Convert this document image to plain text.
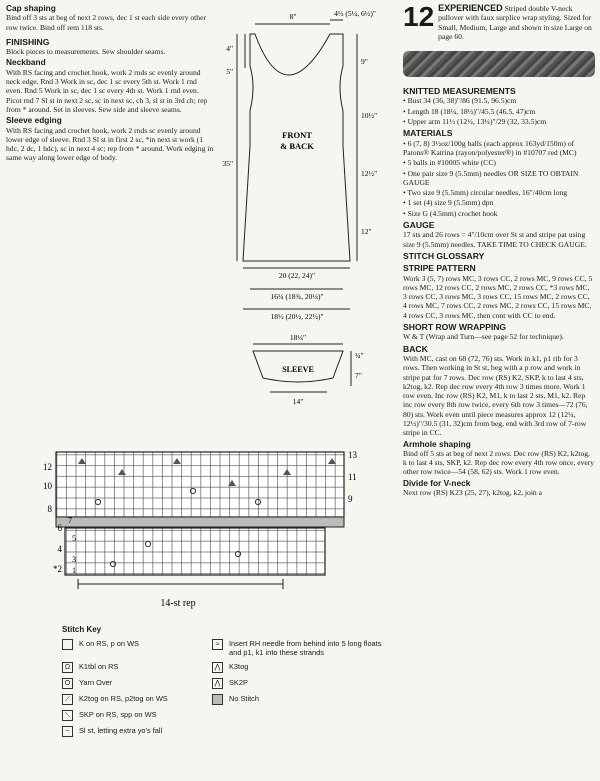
Cap shaping

Bind off 3 sts at beg of next 2 rows, dec 1 st each side every other row twice. Bind off rem 118 sts.

FINISHING

Block pieces to measurements. Sew shoulder seams.

Neckband

With RS facing and crochet hook, work 2 rnds sc evenly around neck edge. Rnd 3 Work in sc, dec 1 sc every 5th st. Work 1 rnd even. Rnd 5 Work in sc, dec 1 sc every 4th st. Work 1 rnd even. Picot rnd 7 Sl st in next 2 sc, sc in next sc, ch 3, sl st in 3rd ch; rep from * around. Set in sleeves. Sew side and sleeve seams.

Sleeve edging

With RS facing and crochet hook, work 2 rnds sc evenly around lower edge of sleeve. Rnd 3 Sl st in first 2 sc, *in next st work (1 hdc, 2 dc, 1 hdc), sc in next 4 sc; rep from * around. Work edging in same way along lower edge of body.

FRONT
& BACK
8"	4½ (5¼, 6½)"
4"
5"
35"
9"
10½"
12½"
12"
20 (22, 24)"
16¼ (18¾, 20¼)"
18½ (20½, 22½)"
18¼"
SLEEVE
¾"
7"
14"
14-st rep
13
11
9
12
10
8
6
4
*2
7
5
3
1
Stitch Key
K on RS, p on WS	≈	Insert RH needle from behind into 5 long floats and p1, k1 into these strands
Ω	K1tbl on RS	⋀	K3tog
O	Yarn Over	⋀	SK2P
⟋	K2tog on RS, p2tog on WS	No Stitch
⟍	SKP on RS, spp on WS
~	Sl st, letting extra yo's fall
12 EXPERIENCED Striped double V-neck pullover with faux surplice wrap styling. Sized for Small, Medium, Large and shown in size Large on page 60.
KNITTED MEASUREMENTS

• Bust 34 (36, 38)"/86 (91.5, 96.5)cm

• Length 18 (18¼, 18½)"/45.5 (46.5, 47)cm

• Upper arm 11½ (12½, 13¼)"/29 (32, 33.5)cm

MATERIALS

• 6 (7, 8) 3½oz/100g balls (each approx 163yd/150m) of Patons® Katrina (rayon/polyester®) in #10707 red (MC)

• 5 balls in #10005 white (CC)

• One pair size 9 (5.5mm) needles OR SIZE TO OBTAIN GAUGE

• Two size 9 (5.5mm) circular needles, 16"/40cm long

• 1 set (4) size 9 (5.5mm) dpn

• Size G (4.5mm) crochet hook

GAUGE

17 sts and 26 rows = 4"/10cm over St st and stripe pat using size 9 (5.5mm) needles. TAKE TIME TO CHECK GAUGE.

STITCH GLOSSARY
STRIPE PATTERN

Work 3 (5, 7) rows MC, 3 rows CC, 2 rows MC, 9 rows CC, 5 rows MC, 12 rows CC, 2 rows MC, 2 rows CC, *3 rows MC, 3 rows CC, 3 rows MC, 3 rows CC, 15 rows MC, 2 rows CC, 4 rows MC, 7 rows CC, 2 rows MC, 2 rows CC, 15 rows MC, 4 rows CC, 3 rows MC, then cont with CC to end.

SHORT ROW WRAPPING

W & T (Wrap and Turn—see page 52 for technique).

BACK

With MC, cast on 68 (72, 76) sts. Work in k1, p1 rib for 3 rows. Then working in St st, beg with a p row and work in stripe pat for 7 rows. Dec row (RS) K2, SKP, k to last 4 sts, k2tog, k2. Rep dec row every 4th row 3 times more. Work 1 row even. Inc row (RS) K2, M1, k to last 2 sts, M1, k2. Rep inc row every 8th row twice, every 6th row 3 times—72 (76, 80) sts. Work even until piece measures approx 12 (12¼, 12½)"/30.5 (31, 32)cm from beg, end with 3rd row of 7-row stripe in CC.

Armhole shaping

Bind off 5 sts at beg of next 2 rows. Dec row (RS) K2, k2tog, k to last 4 sts, SKP, k2. Rep dec row every 4th row once, every other row twice—54 (58, 62) sts. Work 1 row even.

Divide for V-neck

Next row (RS) K23 (25, 27), k2tog, k2, join a
